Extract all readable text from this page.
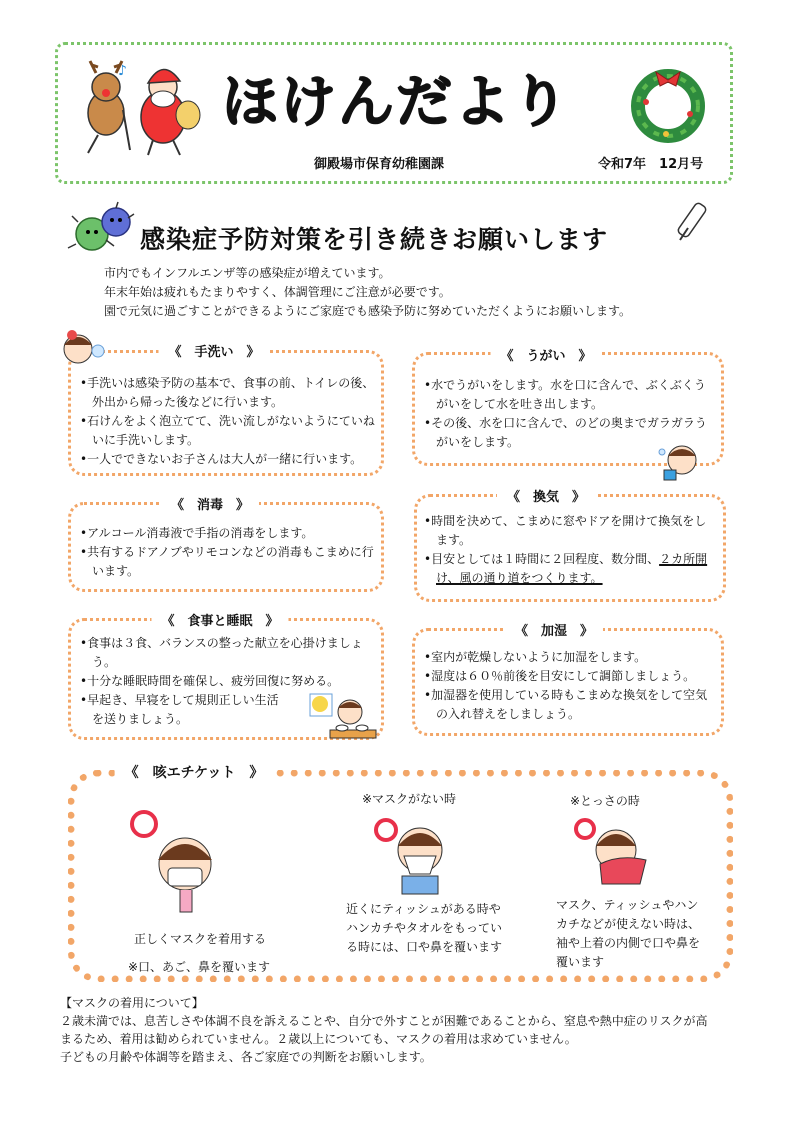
♪ ほけんだより
御殿場市保育幼稚園課	令和7年　12月号
感染症予防対策を引き続きお願いします
市内でもインフルエンザ等の感染症が増えています。
年末年始は疲れもたまりやすく、体調管理にご注意が必要です。
園で元気に過ごすことができるようにご家庭でも感染予防に努めていただくようにお願いします。
《　手洗い　》
•手洗いは感染予防の基本で、食事の前、トイレの後、外出から帰った後などに行います。
•石けんをよく泡立てて、洗い流しがないようにていねいに手洗いします。
•一人でできないお子さんは大人が一緒に行います。
《　うがい　》
•水でうがいをします。水を口に含んで、ぶくぶくうがいをして水を吐き出します。
•その後、水を口に含んで、のどの奥までガラガラうがいをします。
《　消毒　》
•アルコール消毒液で手指の消毒をします。
•共有するドアノブやリモコンなどの消毒もこまめに行います。
《　換気　》
•時間を決めて、こまめに窓やドアを開けて換気をします。
•目安としては１時間に２回程度、数分間、２カ所開け、風の通り道をつくります。
《　食事と睡眠　》
•食事は３食、バランスの整った献立を心掛けましょう。
•十分な睡眠時間を確保し、疲労回復に努める。
•早起き、早寝をして規則正しい生活を送りましょう。
《　加湿　》
•室内が乾燥しないように加湿をします。
•湿度は６０％前後を目安にして調節しましょう。
•加湿器を使用している時もこまめな換気をして空気の入れ替えをしましょう。
《　咳エチケット　》
正しくマスクを着用する
※口、あご、鼻を覆います
※マスクがない時
近くにティッシュがある時やハンカチやタオルをもっている時には、口や鼻を覆います
※とっさの時
マスク、ティッシュやハンカチなどが使えない時は、袖や上着の内側で口や鼻を覆います
【マスクの着用について】
２歳未満では、息苦しさや体調不良を訴えることや、自分で外すことが困難であることから、窒息や熱中症のリスクが高
まるため、着用は勧められていません。２歳以上についても、マスクの着用は求めていません。
子どもの月齢や体調等を踏まえ、各ご家庭での判断をお願いします。
